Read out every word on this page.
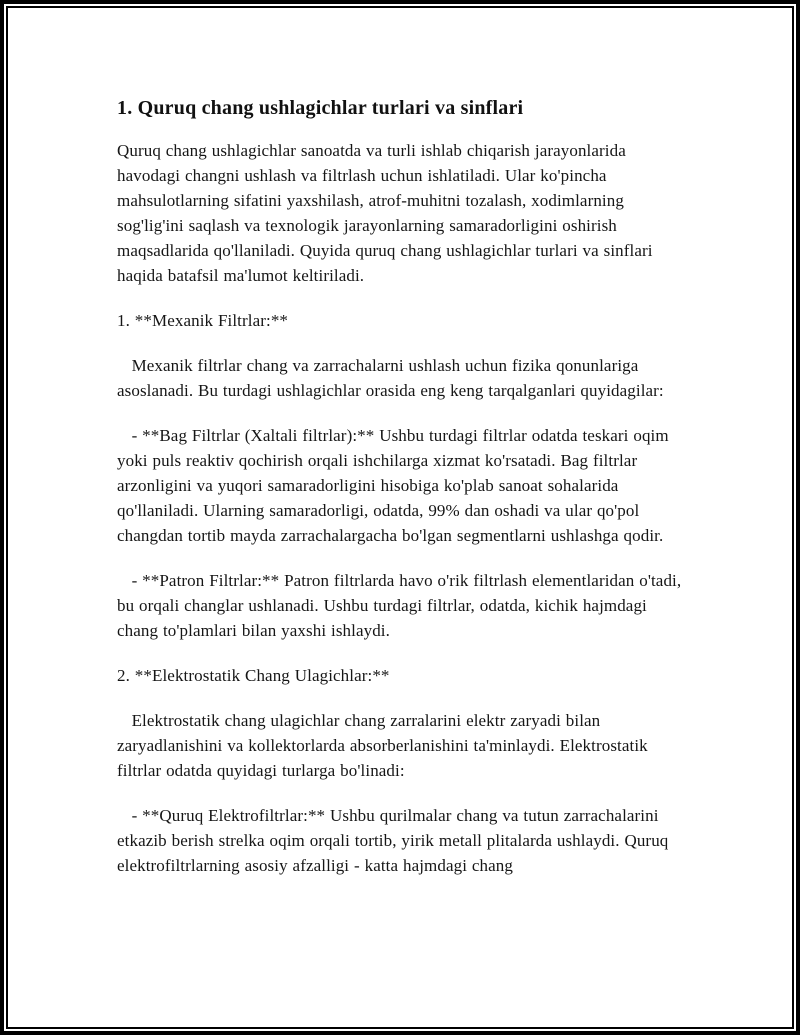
1. Quruq chang ushlagichlar turlari va sinflari

Quruq chang ushlagichlar sanoatda va turli ishlab chiqarish jarayonlarida havodagi changni ushlash va filtrlash uchun ishlatiladi. Ular ko'pincha mahsulotlarning sifatini yaxshilash, atrof-muhitni tozalash, xodimlarning sog'lig'ini saqlash va texnologik jarayonlarning samaradorligini oshirish maqsadlarida qo'llaniladi. Quyida quruq chang ushlagichlar turlari va sinflari haqida batafsil ma'lumot keltiriladi.

1. **Mexanik Filtrlar:**

Mexanik filtrlar chang va zarrachalarni ushlash uchun fizika qonunlariga asoslanadi. Bu turdagi ushlagichlar orasida eng keng tarqalganlari quyidagilar:

- **Bag Filtrlar (Xaltali filtrlar):** Ushbu turdagi filtrlar odatda teskari oqim yoki puls reaktiv qochirish orqali ishchilarga xizmat ko'rsatadi. Bag filtrlar arzonligini va yuqori samaradorligini hisobiga ko'plab sanoat sohalarida qo'llaniladi. Ularning samaradorligi, odatda, 99% dan oshadi va ular qo'pol changdan tortib mayda zarrachalargacha bo'lgan segmentlarni ushlashga qodir.

- **Patron Filtrlar:** Patron filtrlarda havo o'rik filtrlash elementlaridan o'tadi, bu orqali changlar ushlanadi. Ushbu turdagi filtrlar, odatda, kichik hajmdagi chang to'plamlari bilan yaxshi ishlaydi.

2. **Elektrostatik Chang Ulagichlar:**

Elektrostatik chang ulagichlar chang zarralarini elektr zaryadi bilan zaryadlanishini va kollektorlarda absorberlanishini ta'minlaydi. Elektrostatik filtrlar odatda quyidagi turlarga bo'linadi:

- **Quruq Elektrofiltrlar:** Ushbu qurilmalar chang va tutun zarrachalarini etkazib berish strelka oqim orqali tortib, yirik metall plitalarda ushlaydi. Quruq elektrofiltrlarning asosiy afzalligi - katta hajmdagi chang
